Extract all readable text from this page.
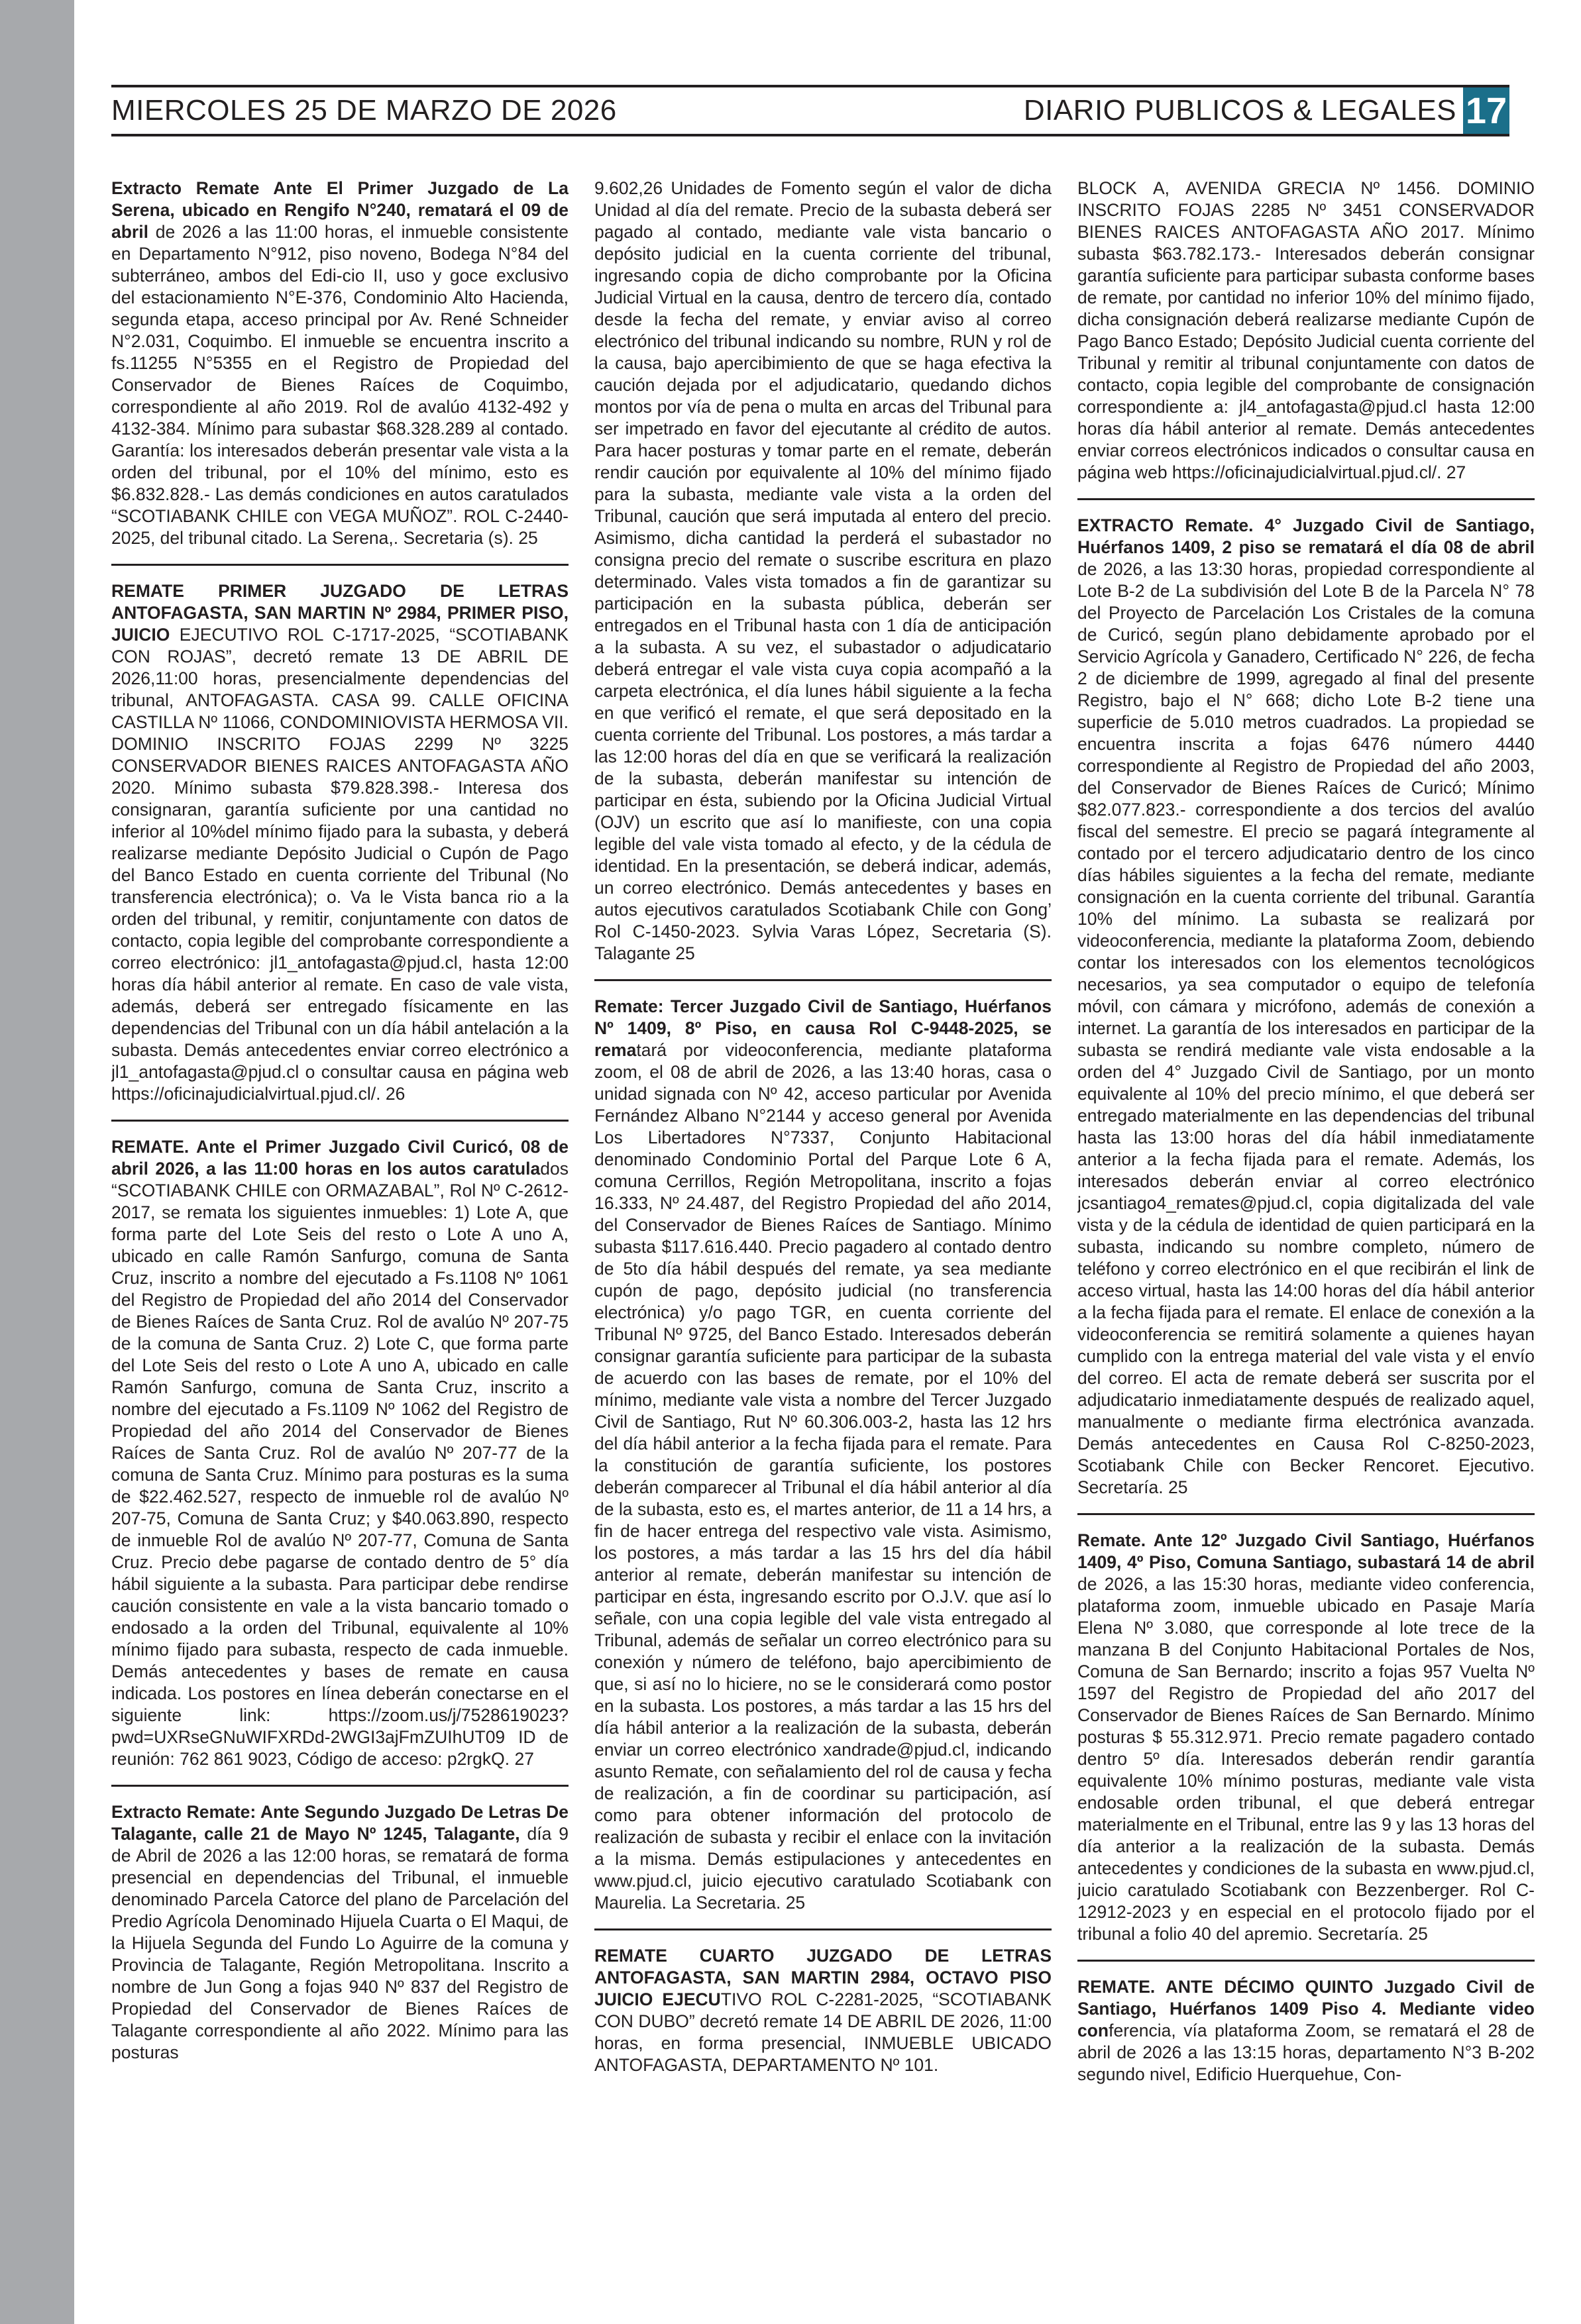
MIERCOLES 25 DE MARZO DE 2026	DIARIO PUBLICOS & LEGALES 17

Extracto Remate Ante El Primer Juzgado de La Serena, ubicado en Rengifo N°240, rematará el 09 de abril de 2026 a las 11:00 horas, el inmueble consistente en Departamento N°912, piso noveno, Bodega N°84 del subterráneo, ambos del Edi-cio II, uso y goce exclusivo del estacionamiento N°E-376, Condominio Alto Hacienda, segunda etapa, acceso principal por Av. René Schneider N°2.031, Coquimbo. El inmueble se encuentra inscrito a fs.11255 N°5355 en el Registro de Propiedad del Conservador de Bienes Raíces de Coquimbo, correspondiente al año 2019. Rol de avalúo 4132-492 y 4132-384. Mínimo para subastar $68.328.289 al contado. Garantía: los interesados deberán presentar vale vista a la orden del tribunal, por el 10% del mínimo, esto es $6.832.828.- Las demás condiciones en autos caratulados “SCOTIABANK CHILE con VEGA MUÑOZ”. ROL C-2440-2025, del tribunal citado. La Serena,. Secretaria (s). 25

REMATE PRIMER JUZGADO DE LETRAS ANTOFAGASTA, SAN MARTIN Nº 2984, PRIMER PISO, JUICIO EJECUTIVO ROL C-1717-2025, “SCOTIABANK CON ROJAS”, decretó remate 13 DE ABRIL DE 2026,11:00 horas, presencialmente dependencias del tribunal, ANTOFAGASTA. CASA 99. CALLE OFICINA CASTILLA Nº 11066, CONDOMINIOVISTA HERMOSA VII. DOMINIO INSCRITO FOJAS 2299 Nº 3225 CONSERVADOR BIENES RAICES ANTOFAGASTA AÑO 2020. Mínimo subasta $79.828.398.- Interesa dos consignaran, garantía suficiente por una cantidad no inferior al 10%del mínimo fijado para la subasta, y deberá realizarse mediante Depósito Judicial o Cupón de Pago del Banco Estado en cuenta corriente del Tribunal (No transferencia electrónica); o. Va le Vista banca rio a la orden del tribunal, y remitir, conjuntamente con datos de contacto, copia legible del comprobante correspondiente a correo electrónico: jl1_antofagasta@pjud.cl, hasta 12:00 horas día hábil anterior al remate. En caso de vale vista, además, deberá ser entregado físicamente en las dependencias del Tribunal con un día hábil antelación a la subasta. Demás antecedentes enviar correo electrónico a jl1_antofagasta@pjud.cl o consultar causa en página web https://oficinajudicialvirtual.pjud.cl/. 26

REMATE. Ante el Primer Juzgado Civil Curicó, 08 de abril 2026, a las 11:00 horas en los autos caratulados “SCOTIABANK CHILE con ORMAZABAL”, Rol Nº C-2612-2017, se remata los siguientes inmuebles: 1) Lote A, que forma parte del Lote Seis del resto o Lote A uno A, ubicado en calle Ramón Sanfurgo, comuna de Santa Cruz, inscrito a nombre del ejecutado a Fs.1108 Nº 1061 del Registro de Propiedad del año 2014 del Conservador de Bienes Raíces de Santa Cruz. Rol de avalúo Nº 207-75 de la comuna de Santa Cruz. 2) Lote C, que forma parte del Lote Seis del resto o Lote A uno A, ubicado en calle Ramón Sanfurgo, comuna de Santa Cruz, inscrito a nombre del ejecutado a Fs.1109 Nº 1062 del Registro de Propiedad del año 2014 del Conservador de Bienes Raíces de Santa Cruz. Rol de avalúo Nº 207-77 de la comuna de Santa Cruz. Mínimo para posturas es la suma de $22.462.527, respecto de inmueble rol de avalúo Nº 207-75, Comuna de Santa Cruz; y $40.063.890, respecto de inmueble Rol de avalúo Nº 207-77, Comuna de Santa Cruz. Precio debe pagarse de contado dentro de 5° día hábil siguiente a la subasta. Para participar debe rendirse caución consistente en vale a la vista bancario tomado o endosado a la orden del Tribunal, equivalente al 10% mínimo fijado para subasta, respecto de cada inmueble. Demás antecedentes y bases de remate en causa indicada. Los postores en línea deberán conectarse en el siguiente link: https://zoom.us/j/7528619023?pwd=UXRseGNuWIFXRDd-2WGI3ajFmZUIhUT09 ID de reunión: 762 861 9023, Código de acceso: p2rgkQ. 27

Extracto Remate: Ante Segundo Juzgado De Letras De Talagante, calle 21 de Mayo Nº 1245, Talagante, día 9 de Abril de 2026 a las 12:00 horas, se rematará de forma presencial en dependencias del Tribunal, el inmueble denominado Parcela Catorce del plano de Parcelación del Predio Agrícola Denominado Hijuela Cuarta o El Maqui, de la Hijuela Segunda del Fundo Lo Aguirre de la comuna y Provincia de Talagante, Región Metropolitana. Inscrito a nombre de Jun Gong a fojas 940 Nº 837 del Registro de Propiedad del Conservador de Bienes Raíces de Talagante correspondiente al año 2022. Mínimo para las posturas

9.602,26 Unidades de Fomento según el valor de dicha Unidad al día del remate. Precio de la subasta deberá ser pagado al contado, mediante vale vista bancario o depósito judicial en la cuenta corriente del tribunal, ingresando copia de dicho comprobante por la Oficina Judicial Virtual en la causa, dentro de tercero día, contado desde la fecha del remate, y enviar aviso al correo electrónico del tribunal indicando su nombre, RUN y rol de la causa, bajo apercibimiento de que se haga efectiva la caución dejada por el adjudicatario, quedando dichos montos por vía de pena o multa en arcas del Tribunal para ser impetrado en favor del ejecutante al crédito de autos. Para hacer posturas y tomar parte en el remate, deberán rendir caución por equivalente al 10% del mínimo fijado para la subasta, mediante vale vista a la orden del Tribunal, caución que será imputada al entero del precio. Asimismo, dicha cantidad la perderá el subastador no consigna precio del remate o suscribe escritura en plazo determinado. Vales vista tomados a fin de garantizar su participación en la subasta pública, deberán ser entregados en el Tribunal hasta con 1 día de anticipación a la subasta. A su vez, el subastador o adjudicatario deberá entregar el vale vista cuya copia acompañó a la carpeta electrónica, el día lunes hábil siguiente a la fecha en que verificó el remate, el que será depositado en la cuenta corriente del Tribunal. Los postores, a más tardar a las 12:00 horas del día en que se verificará la realización de la subasta, deberán manifestar su intención de participar en ésta, subiendo por la Oficina Judicial Virtual (OJV) un escrito que así lo manifieste, con una copia legible del vale vista tomado al efecto, y de la cédula de identidad. En la presentación, se deberá indicar, además, un correo electrónico. Demás antecedentes y bases en autos ejecutivos caratulados Scotiabank Chile con Gong’ Rol C-1450-2023. Sylvia Varas López, Secretaria (S). Talagante 25

Remate: Tercer Juzgado Civil de Santiago, Huérfanos Nº 1409, 8º Piso, en causa Rol C-9448-2025, se rematará por videoconferencia, mediante plataforma zoom, el 08 de abril de 2026, a las 13:40 horas, casa o unidad signada con Nº 42, acceso particular por Avenida Fernández Albano N°2144 y acceso general por Avenida Los Libertadores N°7337, Conjunto Habitacional denominado Condominio Portal del Parque Lote 6 A, comuna Cerrillos, Región Metropolitana, inscrito a fojas 16.333, Nº 24.487, del Registro Propiedad del año 2014, del Conservador de Bienes Raíces de Santiago. Mínimo subasta $117.616.440. Precio pagadero al contado dentro de 5to día hábil después del remate, ya sea mediante cupón de pago, depósito judicial (no transferencia electrónica) y/o pago TGR, en cuenta corriente del Tribunal Nº 9725, del Banco Estado. Interesados deberán consignar garantía suficiente para participar de la subasta de acuerdo con las bases de remate, por el 10% del mínimo, mediante vale vista a nombre del Tercer Juzgado Civil de Santiago, Rut Nº 60.306.003-2, hasta las 12 hrs del día hábil anterior a la fecha fijada para el remate. Para la constitución de garantía suficiente, los postores deberán comparecer al Tribunal el día hábil anterior al día de la subasta, esto es, el martes anterior, de 11 a 14 hrs, a fin de hacer entrega del respectivo vale vista. Asimismo, los postores, a más tardar a las 15 hrs del día hábil anterior al remate, deberán manifestar su intención de participar en ésta, ingresando escrito por O.J.V. que así lo señale, con una copia legible del vale vista entregado al Tribunal, además de señalar un correo electrónico para su conexión y número de teléfono, bajo apercibimiento de que, si así no lo hiciere, no se le considerará como postor en la subasta. Los postores, a más tardar a las 15 hrs del día hábil anterior a la realización de la subasta, deberán enviar un correo electrónico xandrade@pjud.cl, indicando asunto Remate, con señalamiento del rol de causa y fecha de realización, a fin de coordinar su participación, así como para obtener información del protocolo de realización de subasta y recibir el enlace con la invitación a la misma. Demás estipulaciones y antecedentes en www.pjud.cl, juicio ejecutivo caratulado Scotiabank con Maurelia. La Secretaria. 25

REMATE CUARTO JUZGADO DE LETRAS ANTOFAGASTA, SAN MARTIN 2984, OCTAVO PISO JUICIO EJECUTIVO ROL C-2281-2025, “SCOTIABANK CON DUBO” decretó remate 14 DE ABRIL DE 2026, 11:00 horas, en forma presencial, INMUEBLE UBICADO ANTOFAGASTA, DEPARTAMENTO Nº 101.

BLOCK A, AVENIDA GRECIA Nº 1456. DOMINIO INSCRITO FOJAS 2285 Nº 3451 CONSERVADOR BIENES RAICES ANTOFAGASTA AÑO 2017. Mínimo subasta $63.782.173.- Interesados deberán consignar garantía suficiente para participar subasta conforme bases de remate, por cantidad no inferior 10% del mínimo fijado, dicha consignación deberá realizarse mediante Cupón de Pago Banco Estado; Depósito Judicial cuenta corriente del Tribunal y remitir al tribunal conjuntamente con datos de contacto, copia legible del comprobante de consignación correspondiente a: jl4_antofagasta@pjud.cl hasta 12:00 horas día hábil anterior al remate. Demás antecedentes enviar correos electrónicos indicados o consultar causa en página web https://oficinajudicialvirtual.pjud.cl/. 27

EXTRACTO Remate. 4° Juzgado Civil de Santiago, Huérfanos 1409, 2 piso se rematará el día 08 de abril de 2026, a las 13:30 horas, propiedad correspondiente al Lote B-2 de La subdivisión del Lote B de la Parcela N° 78 del Proyecto de Parcelación Los Cristales de la comuna de Curicó, según plano debidamente aprobado por el Servicio Agrícola y Ganadero, Certificado N° 226, de fecha 2 de diciembre de 1999, agregado al final del presente Registro, bajo el N° 668; dicho Lote B-2 tiene una superficie de 5.010 metros cuadrados. La propiedad se encuentra inscrita a fojas 6476 número 4440 correspondiente al Registro de Propiedad del año 2003, del Conservador de Bienes Raíces de Curicó; Mínimo $82.077.823.- correspondiente a dos tercios del avalúo fiscal del semestre. El precio se pagará íntegramente al contado por el tercero adjudicatario dentro de los cinco días hábiles siguientes a la fecha del remate, mediante consignación en la cuenta corriente del tribunal. Garantía 10% del mínimo. La subasta se realizará por videoconferencia, mediante la plataforma Zoom, debiendo contar los interesados con los elementos tecnológicos necesarios, ya sea computador o equipo de telefonía móvil, con cámara y micrófono, además de conexión a internet. La garantía de los interesados en participar de la subasta se rendirá mediante vale vista endosable a la orden del 4° Juzgado Civil de Santiago, por un monto equivalente al 10% del precio mínimo, el que deberá ser entregado materialmente en las dependencias del tribunal hasta las 13:00 horas del día hábil inmediatamente anterior a la fecha fijada para el remate. Además, los interesados deberán enviar al correo electrónico jcsantiago4_remates@pjud.cl, copia digitalizada del vale vista y de la cédula de identidad de quien participará en la subasta, indicando su nombre completo, número de teléfono y correo electrónico en el que recibirán el link de acceso virtual, hasta las 14:00 horas del día hábil anterior a la fecha fijada para el remate. El enlace de conexión a la videoconferencia se remitirá solamente a quienes hayan cumplido con la entrega material del vale vista y el envío del correo. El acta de remate deberá ser suscrita por el adjudicatario inmediatamente después de realizado aquel, manualmente o mediante firma electrónica avanzada. Demás antecedentes en Causa Rol C-8250-2023, Scotiabank Chile con Becker Rencoret. Ejecutivo. Secretaría. 25

Remate. Ante 12º Juzgado Civil Santiago, Huérfanos 1409, 4º Piso, Comuna Santiago, subastará 14 de abril de 2026, a las 15:30 horas, mediante video conferencia, plataforma zoom, inmueble ubicado en Pasaje María Elena Nº 3.080, que corresponde al lote trece de la manzana B del Conjunto Habitacional Portales de Nos, Comuna de San Bernardo; inscrito a fojas 957 Vuelta Nº 1597 del Registro de Propiedad del año 2017 del Conservador de Bienes Raíces de San Bernardo. Mínimo posturas $ 55.312.971. Precio remate pagadero contado dentro 5º día. Interesados deberán rendir garantía equivalente 10% mínimo posturas, mediante vale vista endosable orden tribunal, el que deberá entregar materialmente en el Tribunal, entre las 9 y las 13 horas del día anterior a la realización de la subasta. Demás antecedentes y condiciones de la subasta en www.pjud.cl, juicio caratulado Scotiabank con Bezzenberger. Rol C-12912-2023 y en especial en el protocolo fijado por el tribunal a folio 40 del apremio. Secretaría. 25

REMATE. ANTE DÉCIMO QUINTO Juzgado Civil de Santiago, Huérfanos 1409 Piso 4. Mediante video conferencia, vía plataforma Zoom, se rematará el 28 de abril de 2026 a las 13:15 horas, departamento N°3 B-202 segundo nivel, Edificio Huerquehue, Con-
